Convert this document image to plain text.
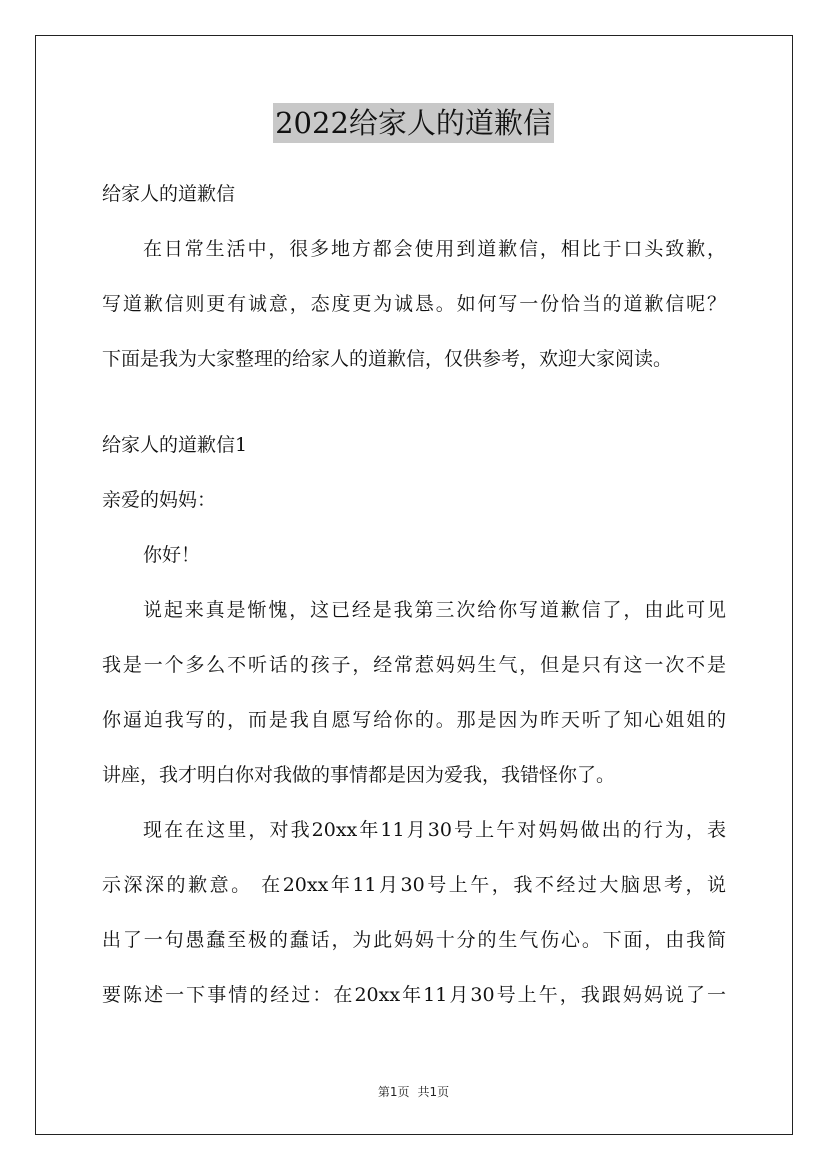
2022给家人的道歉信
给家人的道歉信
在日常生活中，很多地方都会使用到道歉信，相比于口头致歉，
写道歉信则更有诚意，态度更为诚恳。如何写一份恰当的道歉信呢？
下面是我为大家整理的给家人的道歉信，仅供参考，欢迎大家阅读。
给家人的道歉信1
亲爱的妈妈：
你好！
说起来真是惭愧，这已经是我第三次给你写道歉信了，由此可见
我是一个多么不听话的孩子，经常惹妈妈生气，但是只有这一次不是
你逼迫我写的，而是我自愿写给你的。那是因为昨天听了知心姐姐的
讲座，我才明白你对我做的事情都是因为爱我，我错怪你了。
现在在这里，对我20xx年11月30号上午对妈妈做出的行为，表
示深深的歉意。 在20xx年11月30号上午，我不经过大脑思考，说
出了一句愚蠢至极的蠢话，为此妈妈十分的生气伤心。下面，由我简
要陈述一下事情的经过：在20xx年11月30号上午，我跟妈妈说了一
第1页 共1页
